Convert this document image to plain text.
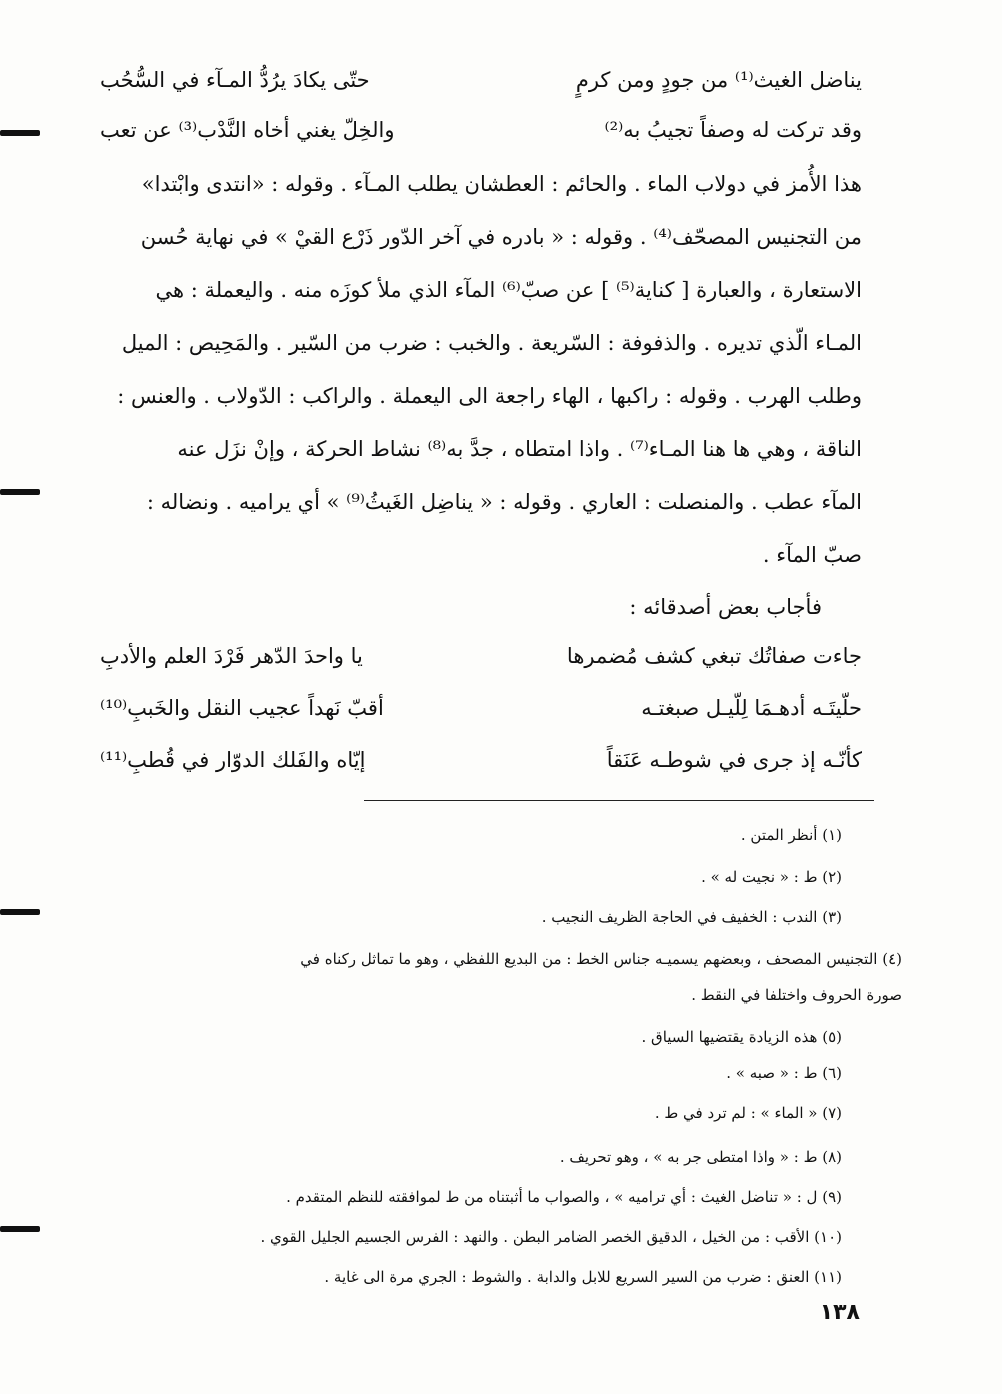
يناضل الغيث⁽¹⁾ من جودٍ ومن كرمٍ
حتّى يكادَ يرُدُّ المـآء في السُّحُب
وقد تركت له وصفاً تجيبُ به⁽²⁾
والخِلّ يغني أخاه النَّدْب⁽³⁾ عن تعب
هذا الأُمز في دولاب الماء . والحائم : العطشان يطلب المـآء . وقوله : «انتدى وابْتدا»
من التجنيس المصحّف⁽⁴⁾ . وقوله : « بادره في آخر الدّور ذَرْع القيْ » في نهاية حُسن
الاستعارة ، والعبارة [ كناية⁽⁵⁾ ] عن صبّ⁽⁶⁾ المآء الذي ملأ كوزَه منه . واليعملة : هي
المـاء الّذي تديره . والذفوفة : السّريعة . والخبب : ضرب من السّير . والمَحِيص : الميل
وطلب الهرب . وقوله : راكبها ، الهاء راجعة الى اليعملة . والراكب : الدّولاب . والعنس :
الناقة ، وهي ها هنا المـاء⁽⁷⁾ . واذا امتطاه ، جدَّ به⁽⁸⁾ نشاط الحركة ، وإنْ نزَل عنه
المآء عطب . والمنصلت : العاري . وقوله : « يناضِل الغَيثُ⁽⁹⁾ » أي يراميه . ونضاله :
صبّ المآء .
فأجاب بعض أصدقائه :
جاءت صفاتُك تبغي كشف مُضمرها
يا واحدَ الدّهر فَرْدَ العلم والأدبِ
حلّيتَـه أدهـمَا لِلّيـل صبغتـه
أقبّ نَهداً عجيب النقل والخَببِ⁽¹⁰⁾
كأنّـه إذ جرى في شوطـه عَنَقاً
إيّاه والفَلك الدوّار في قُطبِ⁽¹¹⁾
(١) أنظر المتن .
(٢) ط : « نجيت له » .
(٣) الندب : الخفيف في الحاجة الظريف النجيب .
(٤) التجنيس المصحف ، وبعضهم يسميـه جناس الخط : من البديع اللفظي ، وهو ما تماثل ركناه في
صورة الحروف واختلفا في النقط .
(٥) هذه الزيادة يقتضيها السياق .
(٦) ط : « صبه » .
(٧) « الماء » : لم ترد في ط .
(٨) ط : « واذا امتطى جر به » ، وهو تحريف .
(٩) ل : « تناضل الغيث : أي تراميه » ، والصواب ما أثبتناه من ط لموافقته للنظم المتقدم .
(١٠) الأقب : من الخيل ، الدقيق الخصر الضامر البطن . والنهد : الفرس الجسيم الجليل القوي .
(١١) العنق : ضرب من السير السريع للابل والدابة . والشوط : الجري مرة الى غاية .
١٣٨
